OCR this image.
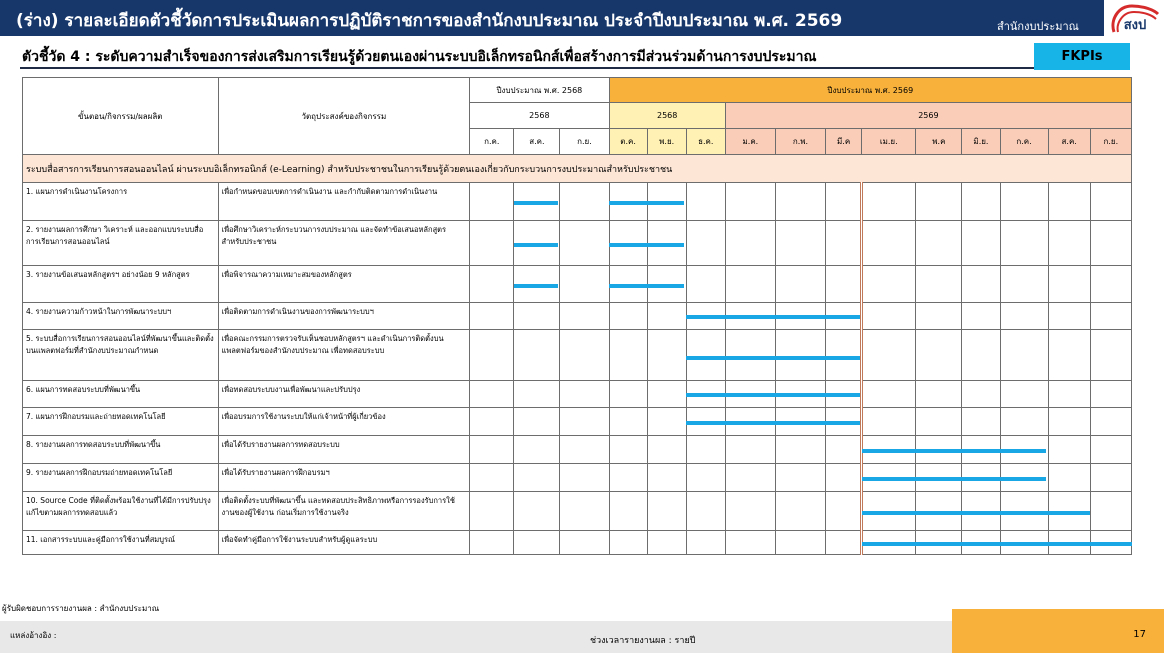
(ร่าง) รายละเอียดตัวชี้วัดการประเมินผลการปฏิบัติราชการของสำนักงบประมาณ ประจำปีงบประมาณ พ.ศ. 2569	สำนักงบประมาณ	สงป
ตัวชี้วัด 4 : ระดับความสำเร็จของการส่งเสริมการเรียนรู้ด้วยตนเองผ่านระบบอิเล็กทรอนิกส์เพื่อสร้างการมีส่วนร่วมด้านการงบประมาณ	FKPIs
ขั้นตอน/กิจกรรม/ผลผลิต	วัตถุประสงค์ของกิจกรรม	ปีงบประมาณ พ.ศ. 2568			ปีงบประมาณ พ.ศ. 2569											
		2568			2568			2569								
		ก.ค.	ส.ค.	ก.ย.	ต.ค.	พ.ย.	ธ.ค.	ม.ค.	ก.พ.	มี.ค	เม.ย.	พ.ค	มิ.ย.	ก.ค.	ส.ค.	ก.ย.
ระบบสื่อสารการเรียนการสอนออนไลน์ ผ่านระบบอิเล็กทรอนิกส์ (e-Learning) สำหรับประชาชนในการเรียนรู้ด้วยตนเองเกี่ยวกับกระบวนการงบประมาณสำหรับประชาชน																
1. แผนการดำเนินงานโครงการ	เพื่อกำหนดขอบเขตการดำเนินงาน และกำกับติดตามการดำเนินงาน															
2. รายงานผลการศึกษา วิเคราะห์ และออกแบบระบบสื่อการเรียนการสอนออนไลน์	เพื่อศึกษาวิเคราะห์กระบวนการงบประมาณ และจัดทำข้อเสนอหลักสูตรสำหรับประชาชน															
3. รายงานข้อเสนอหลักสูตรฯ อย่างน้อย 9 หลักสูตร	เพื่อพิจารณาความเหมาะสมของหลักสูตร															
4. รายงานความก้าวหน้าในการพัฒนาระบบฯ	เพื่อติดตามการดำเนินงานของการพัฒนาระบบฯ															
5. ระบบสื่อการเรียนการสอนออนไลน์ที่พัฒนาขึ้นและติดตั้งบนแพลตฟอร์มที่สำนักงบประมาณกำหนด	เพื่อคณะกรรมการตรวจรับเห็นชอบหลักสูตรฯ และดำเนินการติดตั้งบนแพลตฟอร์มของสำนักงบประมาณ เพื่อทดสอบระบบ															
6. แผนการทดสอบระบบที่พัฒนาขึ้น	เพื่อทดสอบระบบงานเพื่อพัฒนาและปรับปรุง															
7. แผนการฝึกอบรมและถ่ายทอดเทคโนโลยี	เพื่ออบรมการใช้งานระบบให้แก่เจ้าหน้าที่ผู้เกี่ยวข้อง															
8. รายงานผลการทดสอบระบบที่พัฒนาขึ้น	เพื่อได้รับรายงานผลการทดสอบระบบ															
9. รายงานผลการฝึกอบรมถ่ายทอดเทคโนโลยี	เพื่อได้รับรายงานผลการฝึกอบรมฯ															
10. Source Code ที่ติดตั้งพร้อมใช้งานที่ได้มีการปรับปรุงแก้ไขตามผลการทดสอบแล้ว	เพื่อติดตั้งระบบที่พัฒนาขึ้น และทดสอบประสิทธิภาพหรือการรองรับการใช้งานของผู้ใช้งาน ก่อนเริ่มการใช้งานจริง															
11. เอกสารระบบและคู่มือการใช้งานที่สมบูรณ์	เพื่อจัดทำคู่มือการใช้งานระบบสำหรับผู้ดูแลระบบ															
ผู้รับผิดชอบการรายงานผล : สำนักงบประมาณ
แหล่งอ้างอิง :
ช่วงเวลารายงานผล : รายปี
17
